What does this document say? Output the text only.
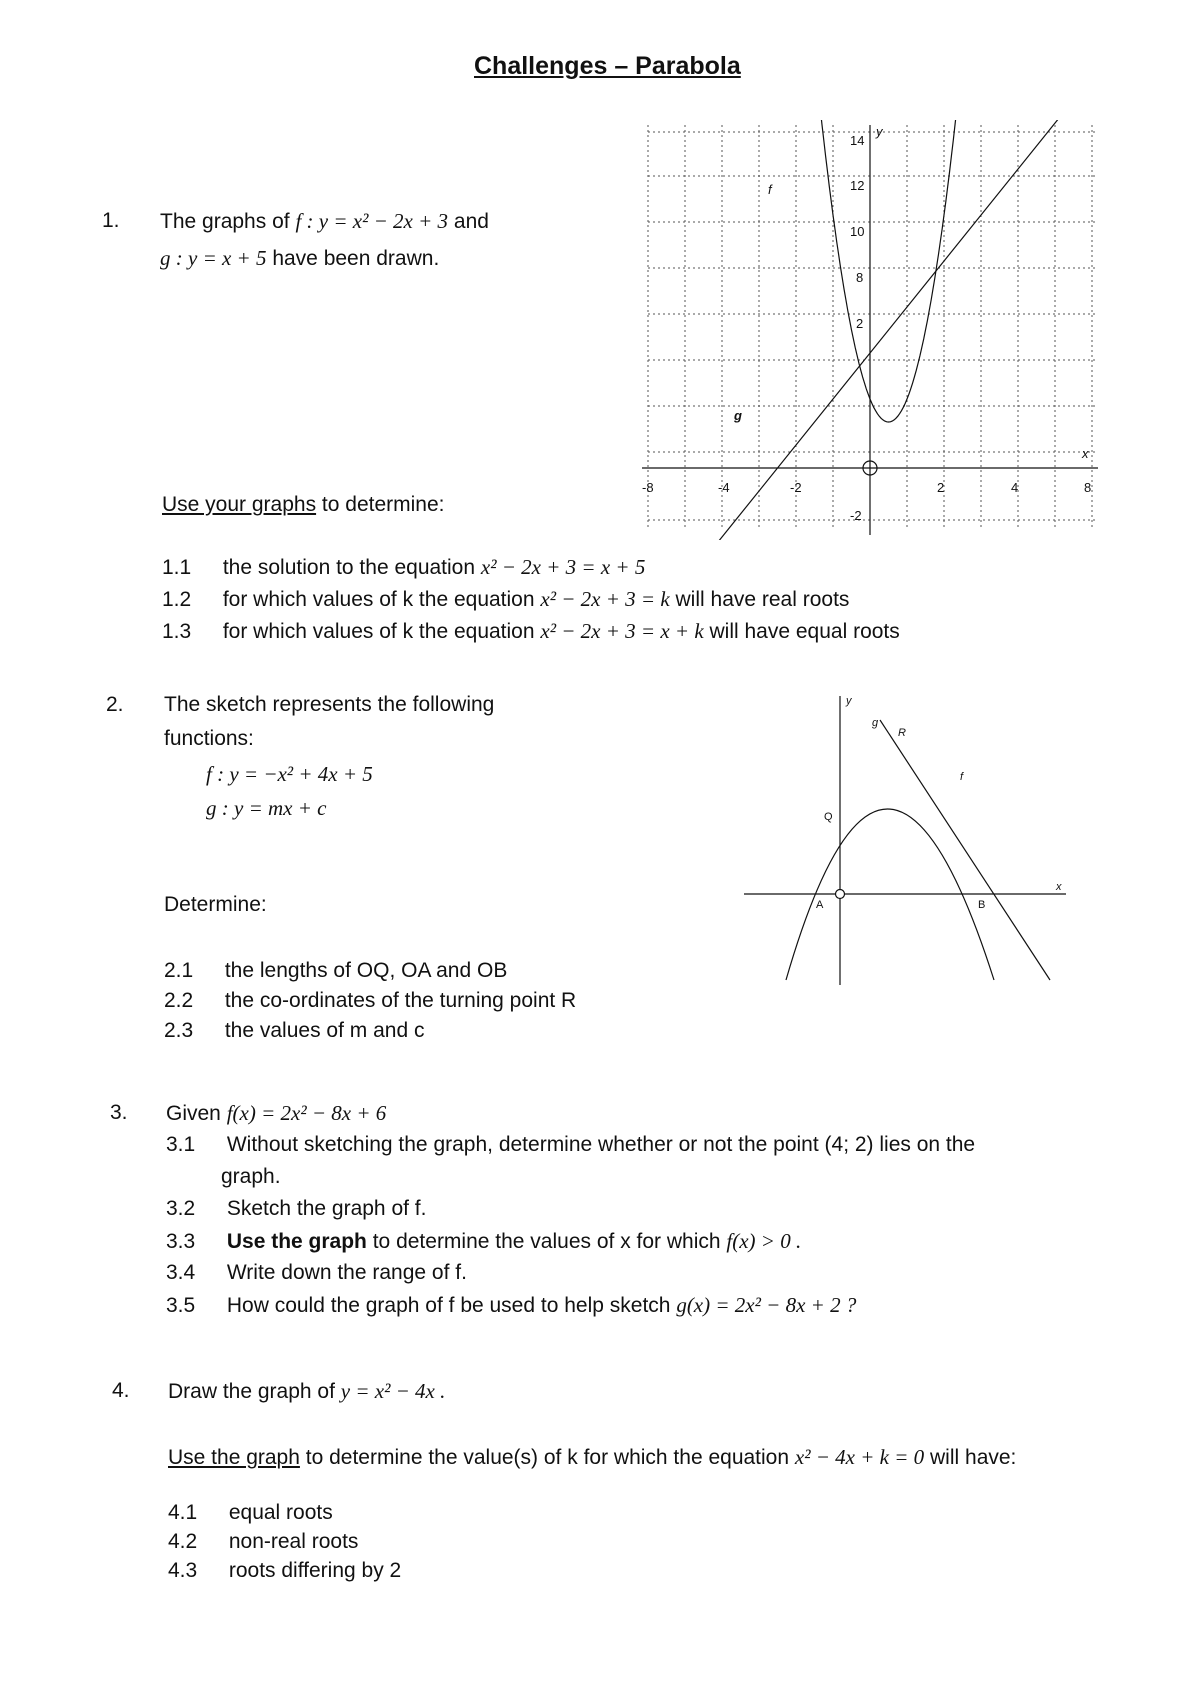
Challenges – Parabola
1. The graphs of f : y = x² − 2x + 3 and
g : y = x + 5 have been drawn.
Use your graphs to determine:
1.1 the solution to the equation x² − 2x + 3 = x + 5
1.2 for which values of k the equation x² − 2x + 3 = k will have real roots
1.3 for which values of k the equation x² − 2x + 3 = x + k will have equal roots
14
12
10
8
2
-2
-8	-4	-2	2	4	8
f
g
y
x
2. The sketch represents the following
functions:
f : y = −x² + 4x + 5
g : y = mx + c
Determine:
2.1 the lengths of OQ, OA and OB
2.2 the co-ordinates of the turning point R
2.3 the values of m and c
y
x
g
R
f
Q
A	B
3. Given f(x) = 2x² − 8x + 6
3.1 Without sketching the graph, determine whether or not the point (4; 2) lies on the
graph.
3.2 Sketch the graph of f.
3.3 Use the graph to determine the values of x for which f(x) > 0 .
3.4 Write down the range of f.
3.5 How could the graph of f be used to help sketch g(x) = 2x² − 8x + 2 ?
4. Draw the graph of y = x² − 4x .
Use the graph to determine the value(s) of k for which the equation x² − 4x + k = 0 will have:
4.1 equal roots
4.2 non-real roots
4.3 roots differing by 2
